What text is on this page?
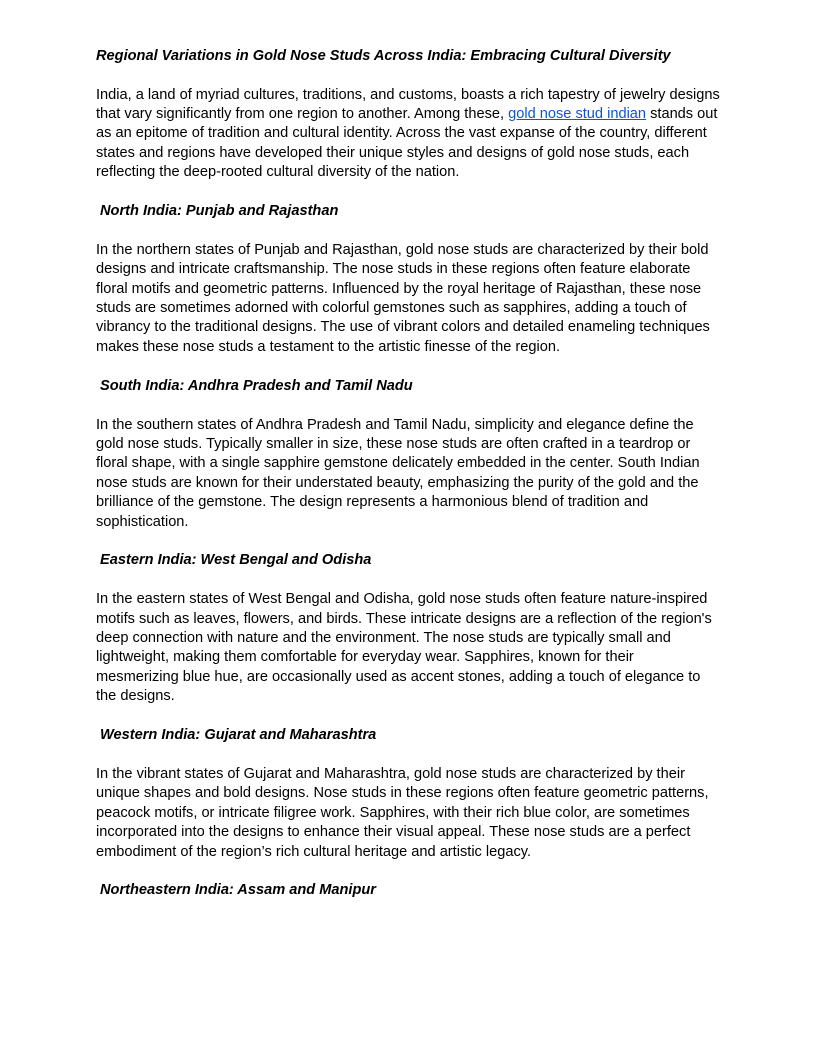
Regional Variations in Gold Nose Studs Across India: Embracing Cultural Diversity

India, a land of myriad cultures, traditions, and customs, boasts a rich tapestry of jewelry designs that vary significantly from one region to another. Among these, gold nose stud indian stands out as an epitome of tradition and cultural identity. Across the vast expanse of the country, different states and regions have developed their unique styles and designs of gold nose studs, each reflecting the deep-rooted cultural diversity of the nation.

North India: Punjab and Rajasthan

In the northern states of Punjab and Rajasthan, gold nose studs are characterized by their bold designs and intricate craftsmanship. The nose studs in these regions often feature elaborate floral motifs and geometric patterns. Influenced by the royal heritage of Rajasthan, these nose studs are sometimes adorned with colorful gemstones such as sapphires, adding a touch of vibrancy to the traditional designs. The use of vibrant colors and detailed enameling techniques makes these nose studs a testament to the artistic finesse of the region.

South India: Andhra Pradesh and Tamil Nadu

In the southern states of Andhra Pradesh and Tamil Nadu, simplicity and elegance define the gold nose studs. Typically smaller in size, these nose studs are often crafted in a teardrop or floral shape, with a single sapphire gemstone delicately embedded in the center. South Indian nose studs are known for their understated beauty, emphasizing the purity of the gold and the brilliance of the gemstone. The design represents a harmonious blend of tradition and sophistication.

Eastern India: West Bengal and Odisha

In the eastern states of West Bengal and Odisha, gold nose studs often feature nature-inspired motifs such as leaves, flowers, and birds. These intricate designs are a reflection of the region's deep connection with nature and the environment. The nose studs are typically small and lightweight, making them comfortable for everyday wear. Sapphires, known for their mesmerizing blue hue, are occasionally used as accent stones, adding a touch of elegance to the designs.

Western India: Gujarat and Maharashtra

In the vibrant states of Gujarat and Maharashtra, gold nose studs are characterized by their unique shapes and bold designs. Nose studs in these regions often feature geometric patterns, peacock motifs, or intricate filigree work. Sapphires, with their rich blue color, are sometimes incorporated into the designs to enhance their visual appeal. These nose studs are a perfect embodiment of the region’s rich cultural heritage and artistic legacy.

Northeastern India: Assam and Manipur
